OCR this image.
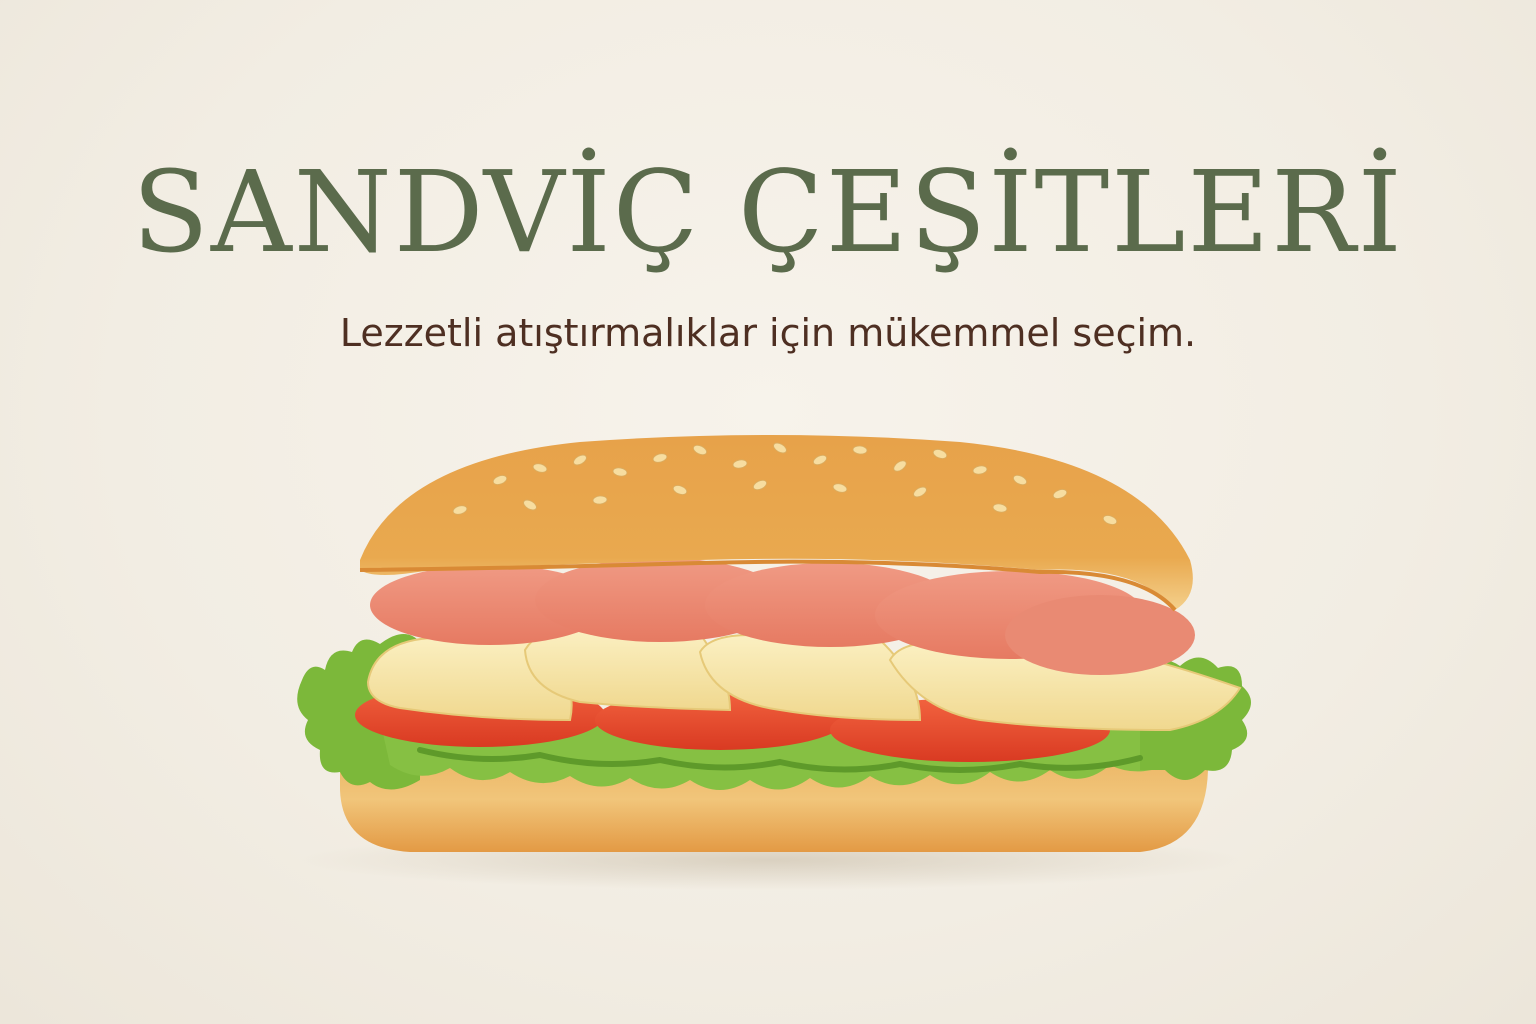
SANDVİÇ ÇEŞİTLERİ

Lezzetli atıştırmalıklar için mükemmel seçim.
